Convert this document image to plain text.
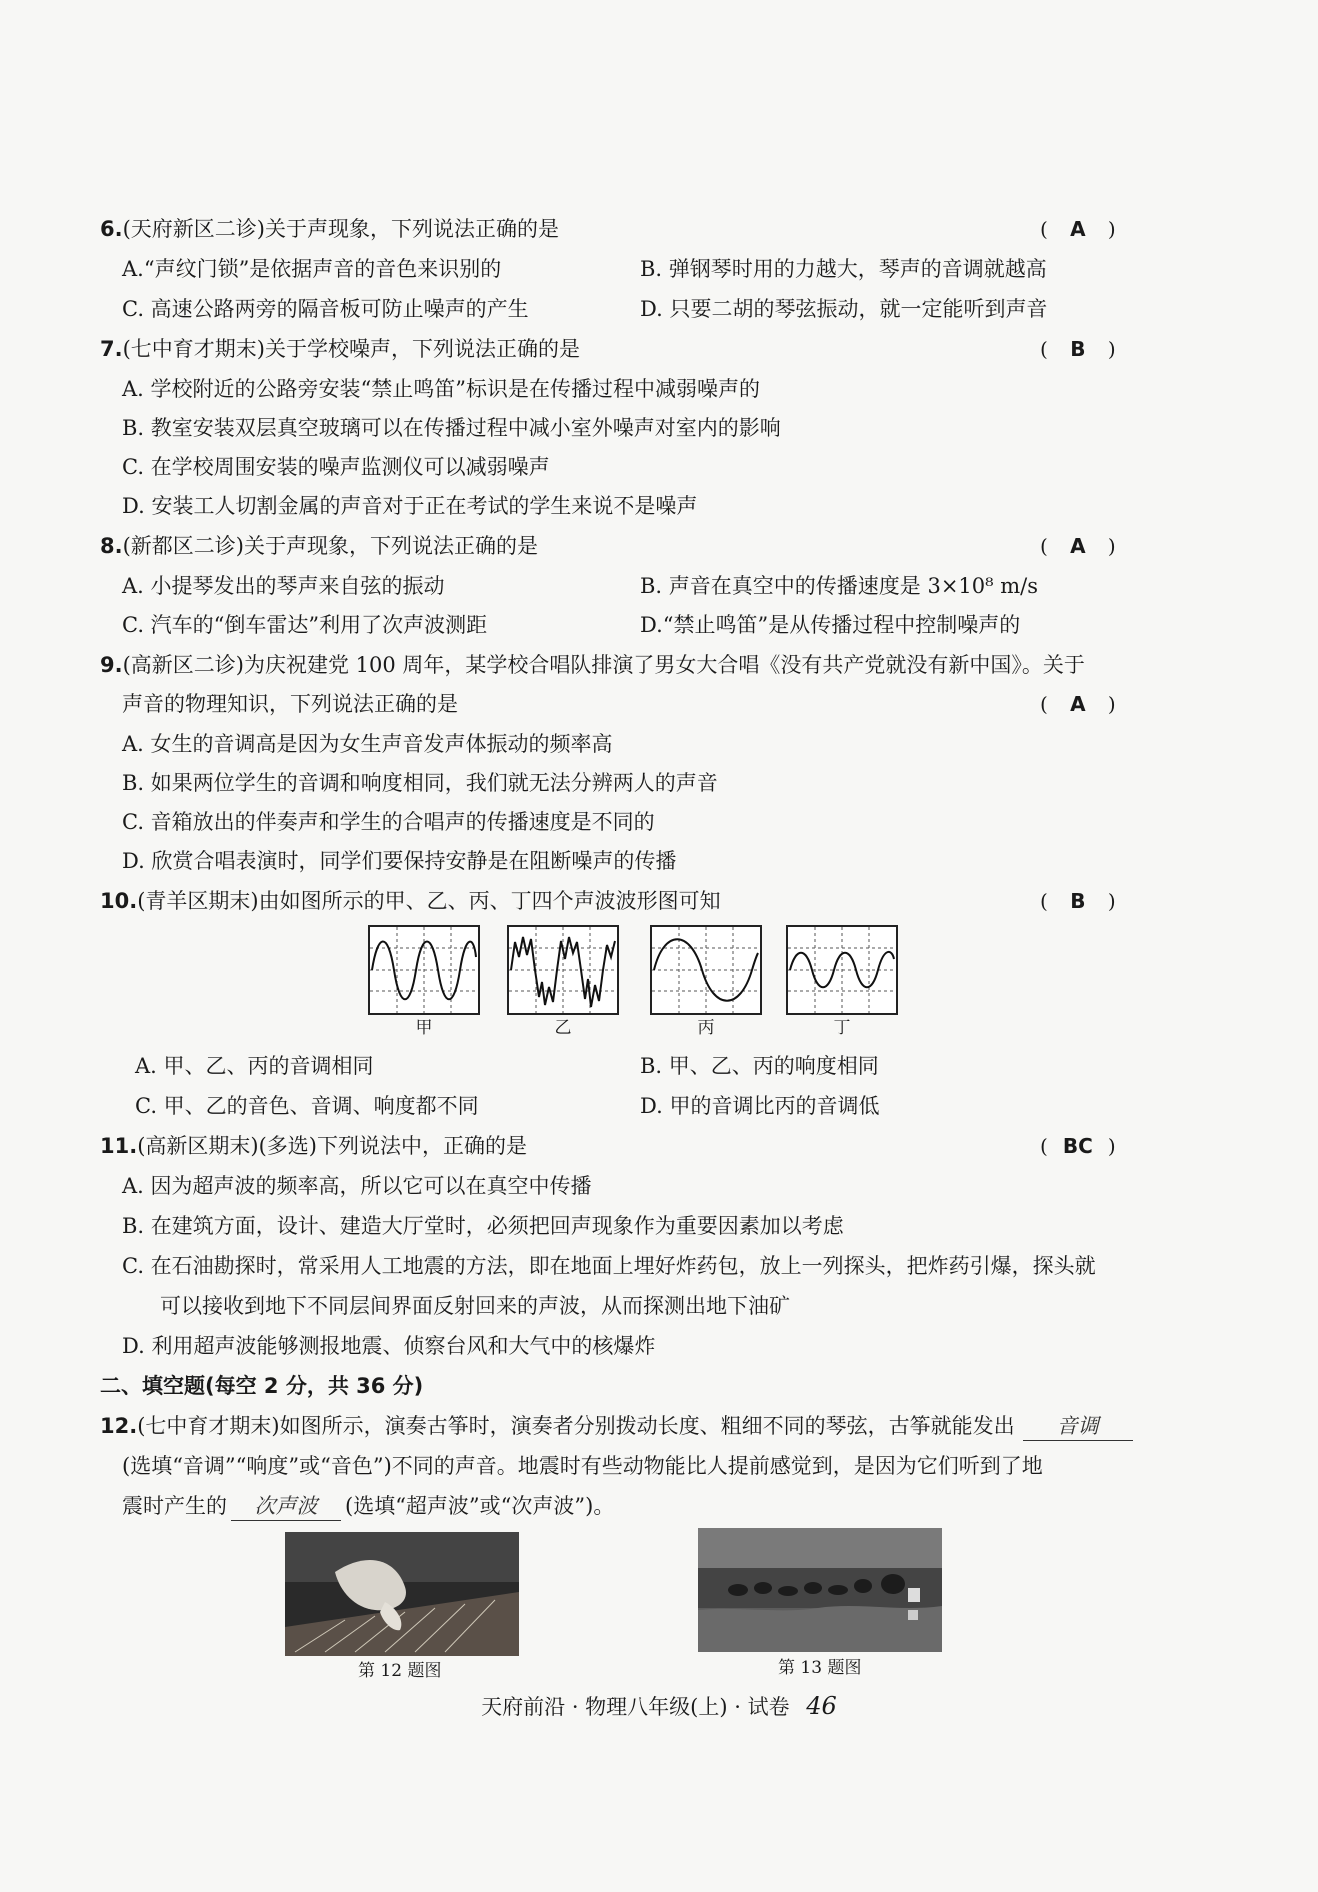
6.(天府新区二诊)关于声现象，下列说法正确的是	( A )
A.“声纹门锁”是依据声音的音色来识别的	B. 弹钢琴时用的力越大，琴声的音调就越高
C. 高速公路两旁的隔音板可防止噪声的产生	D. 只要二胡的琴弦振动，就一定能听到声音
7.(七中育才期末)关于学校噪声，下列说法正确的是	( B )
A. 学校附近的公路旁安装“禁止鸣笛”标识是在传播过程中减弱噪声的
B. 教室安装双层真空玻璃可以在传播过程中减小室外噪声对室内的影响
C. 在学校周围安装的噪声监测仪可以减弱噪声
D. 安装工人切割金属的声音对于正在考试的学生来说不是噪声
8.(新都区二诊)关于声现象，下列说法正确的是	( A )
A. 小提琴发出的琴声来自弦的振动	B. 声音在真空中的传播速度是 3×10⁸ m/s
C. 汽车的“倒车雷达”利用了次声波测距	D.“禁止鸣笛”是从传播过程中控制噪声的
9.(高新区二诊)为庆祝建党 100 周年，某学校合唱队排演了男女大合唱《没有共产党就没有新中国》。关于
声音的物理知识，下列说法正确的是	( A )
A. 女生的音调高是因为女生声音发声体振动的频率高
B. 如果两位学生的音调和响度相同，我们就无法分辨两人的声音
C. 音箱放出的伴奏声和学生的合唱声的传播速度是不同的
D. 欣赏合唱表演时，同学们要保持安静是在阻断噪声的传播
10.(青羊区期末)由如图所示的甲、乙、丙、丁四个声波波形图可知	( B )
甲	乙	丙	丁
A. 甲、乙、丙的音调相同	B. 甲、乙、丙的响度相同
C. 甲、乙的音色、音调、响度都不同	D. 甲的音调比丙的音调低
11.(高新区期末)(多选)下列说法中，正确的是	( BC )
A. 因为超声波的频率高，所以它可以在真空中传播
B. 在建筑方面，设计、建造大厅堂时，必须把回声现象作为重要因素加以考虑
C. 在石油勘探时，常采用人工地震的方法，即在地面上埋好炸药包，放上一列探头，把炸药引爆，探头就
可以接收到地下不同层间界面反射回来的声波，从而探测出地下油矿
D. 利用超声波能够测报地震、侦察台风和大气中的核爆炸
二、填空题(每空 2 分，共 36 分)
12.(七中育才期末)如图所示，演奏古筝时，演奏者分别拨动长度、粗细不同的琴弦，古筝就能发出 音调
(选填“音调”“响度”或“音色”)不同的声音。地震时有些动物能比人提前感觉到，是因为它们听到了地
震时产生的 次声波 (选填“超声波”或“次声波”)。
第 12 题图	第 13 题图
天府前沿 · 物理八年级(上) · 试卷 46
